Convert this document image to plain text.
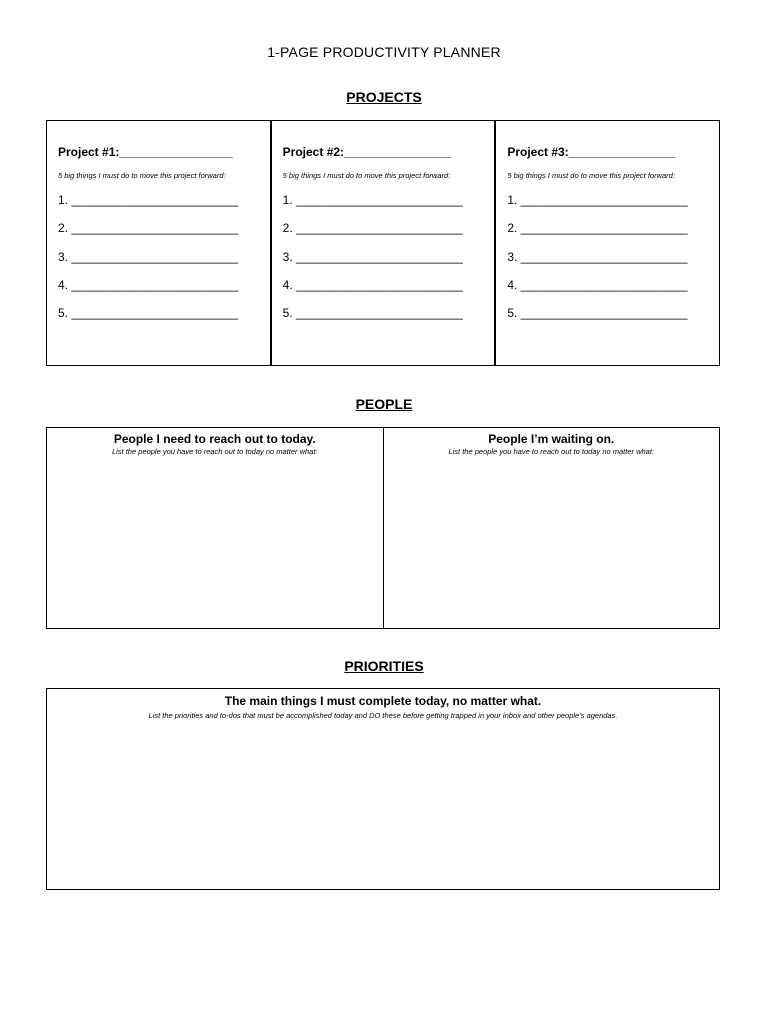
1-PAGE PRODUCTIVITY PLANNER
PROJECTS
Project #1:_________________
5 big things I must do to move this project forward:
1. _________________________
2. _________________________
3. _________________________
4. _________________________
5. _________________________
Project #2:________________
5 big things I must do to move this project forward:
1. _________________________
2. _________________________
3. _________________________
4. _________________________
5. _________________________
Project #3:________________
5 big things I must do to move this project forward:
1. _________________________
2. _________________________
3. _________________________
4. _________________________
5. _________________________
PEOPLE
People I need to reach out to today.
List the people you have to reach out to today no matter what:
People I’m waiting on.
List the people you have to reach out to today no matter what:
PRIORITIES
The main things I must complete today, no matter what.
List the priorities and to-dos that must be accomplished today and DO these before getting trapped in your inbox and other people’s agendas.
